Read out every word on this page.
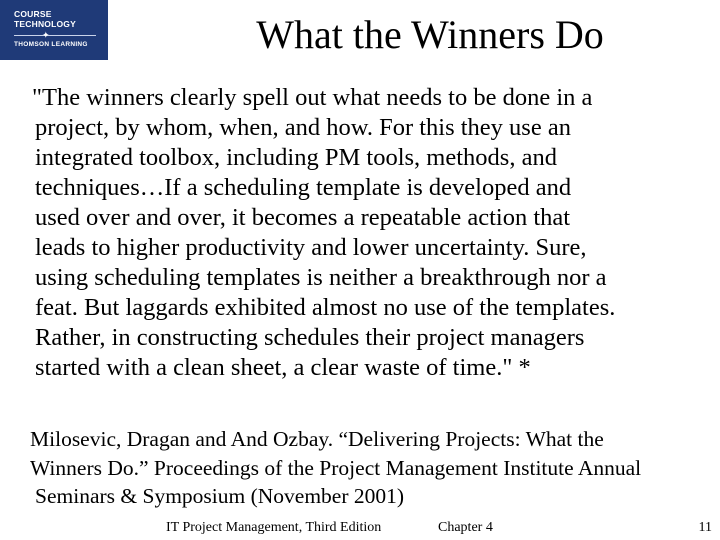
COURSE
TECHNOLOGY
✦
THOMSON LEARNING	What the Winners Do
"The winners clearly spell out what needs to be done in a
project, by whom, when, and how. For this they use an
integrated toolbox, including PM tools, methods, and
techniques…If a scheduling template is developed and
used over and over, it becomes a repeatable action that
leads to higher productivity and lower uncertainty. Sure,
using scheduling templates is neither a breakthrough nor a
feat. But laggards exhibited almost no use of the templates.
Rather, in constructing schedules their project managers
started with a clean sheet, a clear waste of time." *
Milosevic, Dragan and And Ozbay. “Delivering Projects: What the
Winners Do.” Proceedings of the Project Management Institute Annual
Seminars & Symposium (November 2001)
IT Project Management, Third Edition	Chapter 4	11
